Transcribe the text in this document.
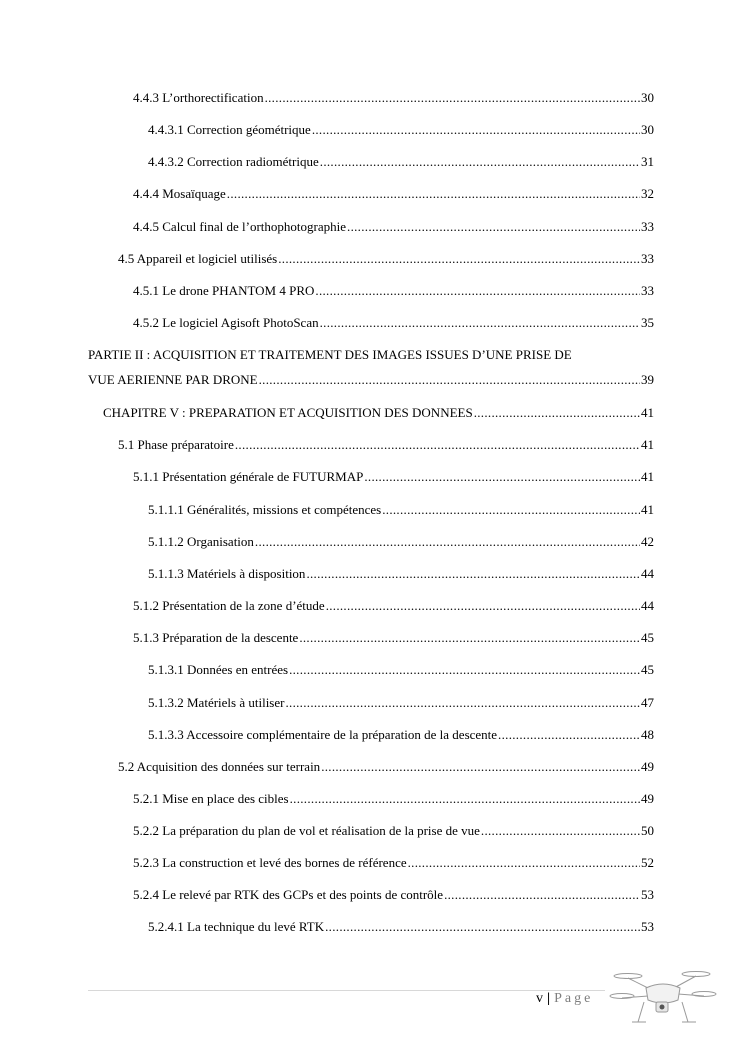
4.4.3 L’orthorectification .....	30
4.4.3.1 Correction géométrique .....	30
4.4.3.2 Correction radiométrique .....	31
4.4.4 Mosaïquage .....	32
4.4.5 Calcul final de l’orthophotographie .....	33
4.5 Appareil et logiciel utilisés .....	33
4.5.1 Le drone PHANTOM 4 PRO .....	33
4.5.2 Le logiciel Agisoft PhotoScan .....	35
PARTIE II : ACQUISITION ET TRAITEMENT DES IMAGES ISSUES D’UNE PRISE DE
VUE AERIENNE PAR DRONE .....	39
CHAPITRE V : PREPARATION ET ACQUISITION DES DONNEES .....	41
5.1 Phase préparatoire .....	41
5.1.1 Présentation générale de FUTURMAP .....	41
5.1.1.1 Généralités, missions et compétences .....	41
5.1.1.2 Organisation .....	42
5.1.1.3 Matériels à disposition .....	44
5.1.2 Présentation de la zone d’étude .....	44
5.1.3 Préparation de la descente .....	45
5.1.3.1 Données en entrées .....	45
5.1.3.2 Matériels à utiliser .....	47
5.1.3.3 Accessoire complémentaire de la préparation de la descente .....	48
5.2 Acquisition des données sur terrain .....	49
5.2.1 Mise en place des cibles .....	49
5.2.2 La préparation du plan de vol et réalisation de la prise de vue .....	50
5.2.3 La construction et levé des bornes de référence .....	52
5.2.4 Le relevé par RTK des GCPs et des points de contrôle .....	53
5.2.4.1 La technique du levé RTK .....	53
v | Page
